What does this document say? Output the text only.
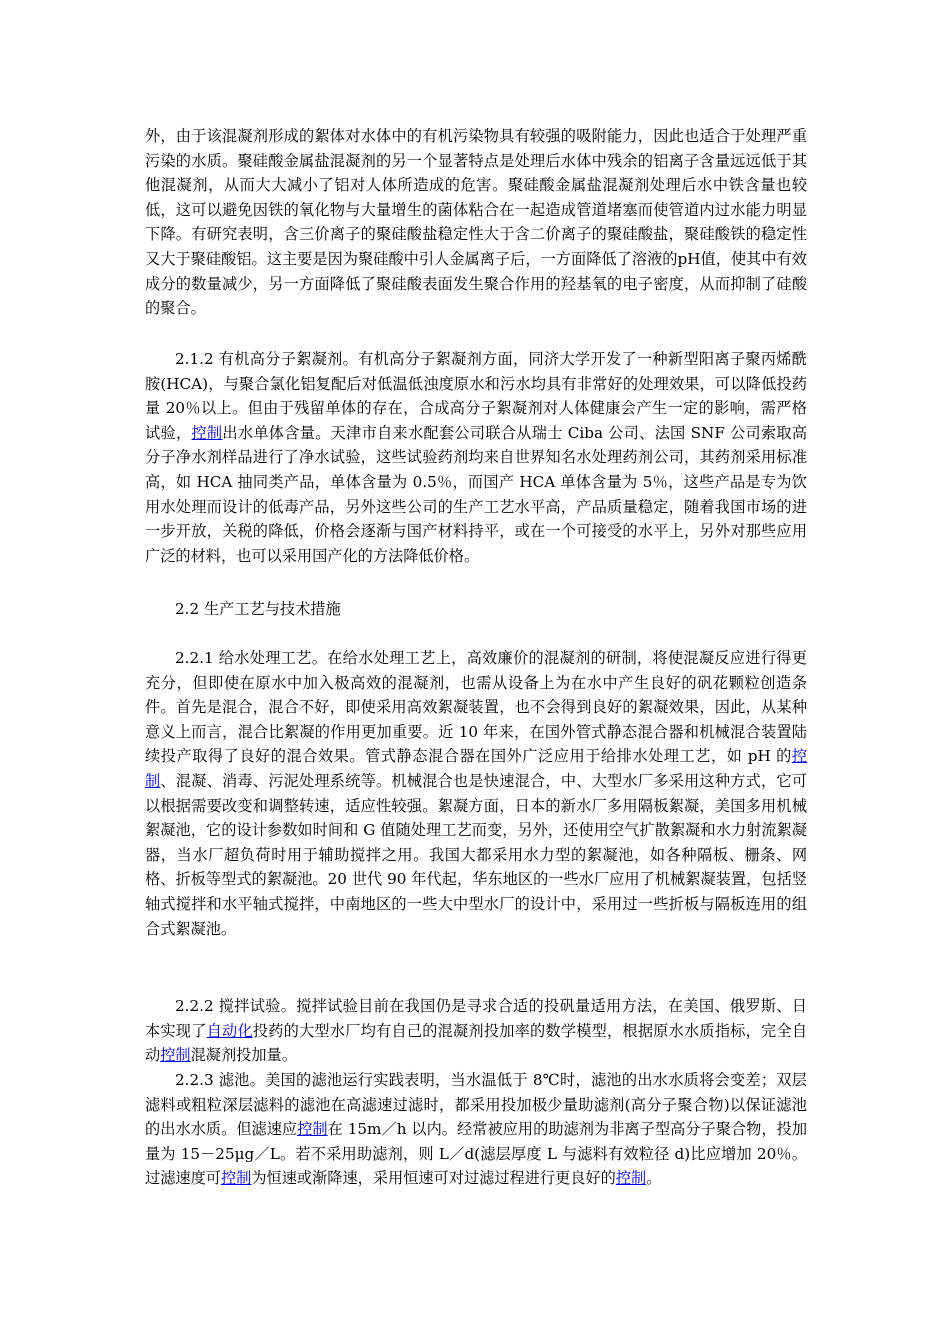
外，由于该混凝剂形成的絮体对水体中的有机污染物具有较强的吸附能力，因此也适合于处理严重污染的水质。聚硅酸金属盐混凝剂的另一个显著特点是处理后水体中残余的铝离子含量远远低于其他混凝剂，从而大大减小了铝对人体所造成的危害。聚硅酸金属盐混凝剂处理后水中铁含量也较低，这可以避免因铁的氧化物与大量增生的菌体粘合在一起造成管道堵塞而使管道内过水能力明显下降。有研究表明，含三价离子的聚硅酸盐稳定性大于含二价离子的聚硅酸盐，聚硅酸铁的稳定性又大于聚硅酸铝。这主要是因为聚硅酸中引人金属离子后，一方面降低了溶液的pH值，使其中有效成分的数量减少，另一方面降低了聚硅酸表面发生聚合作用的羟基氧的电子密度，从而抑制了硅酸的聚合。

2.1.2 有机高分子絮凝剂。有机高分子絮凝剂方面，同济大学开发了一种新型阳离子聚丙烯酰胺(HCA)，与聚合氯化铝复配后对低温低浊度原水和污水均具有非常好的处理效果，可以降低投药量 20％以上。但由于残留单体的存在，合成高分子絮凝剂对人体健康会产生一定的影响，需严格试验，控制出水单体含量。天津市自来水配套公司联合从瑞士 Ciba 公司、法国 SNF 公司索取高分子净水剂样品进行了净水试验，这些试验药剂均来自世界知名水处理药剂公司，其药剂采用标准高，如 HCA 抽同类产品，单体含量为 0.5％，而国产 HCA 单体含量为 5％，这些产品是专为饮用水处理而设计的低毒产品，另外这些公司的生产工艺水平高，产品质量稳定，随着我国市场的进一步开放，关税的降低，价格会逐渐与国产材料持平，或在一个可接受的水平上，另外对那些应用广泛的材料，也可以采用国产化的方法降低价格。

2.2 生产工艺与技术措施

2.2.1 给水处理工艺。在给水处理工艺上，高效廉价的混凝剂的研制，将使混凝反应进行得更充分，但即使在原水中加入极高效的混凝剂，也需从设备上为在水中产生良好的矾花颗粒创造条件。首先是混合，混合不好，即使采用高效絮凝装置，也不会得到良好的絮凝效果，因此，从某种意义上而言，混合比絮凝的作用更加重要。近 10 年来，在国外管式静态混合器和机械混合装置陆续投产取得了良好的混合效果。管式静态混合器在国外广泛应用于给排水处理工艺，如 pH 的控制、混凝、消毒、污泥处理系统等。机械混合也是快速混合，中、大型水厂多采用这种方式，它可以根据需要改变和调整转速，适应性较强。絮凝方面，日本的新水厂多用隔板絮凝，美国多用机械絮凝池，它的设计参数如时间和 G 值随处理工艺而变，另外，还使用空气扩散絮凝和水力射流絮凝器，当水厂超负荷时用于辅助搅拌之用。我国大都采用水力型的絮凝池，如各种隔板、栅条、网格、折板等型式的絮凝池。20 世代 90 年代起，华东地区的一些水厂应用了机械絮凝装置，包括竖轴式搅拌和水平轴式搅拌，中南地区的一些大中型水厂的设计中，采用过一些折板与隔板连用的组合式絮凝池。

2.2.2 搅拌试验。搅拌试验目前在我国仍是寻求合适的投矾量适用方法，在美国、俄罗斯、日本实现了自动化投药的大型水厂均有自己的混凝剂投加率的数学模型，根据原水水质指标，完全自动控制混凝剂投加量。

2.2.3 滤池。美国的滤池运行实践表明，当水温低于 8℃时，滤池的出水水质将会变差；双层滤料或粗粒深层滤料的滤池在高滤速过滤时，都采用投加极少量助滤剂(高分子聚合物)以保证滤池的出水水质。但滤速应控制在 15m／h 以内。经常被应用的助滤剂为非离子型高分子聚合物，投加量为 15－25μg／L。若不采用助滤剂，则 L／d(滤层厚度 L 与滤料有效粒径 d)比应增加 20％。过滤速度可控制为恒速或渐降速，采用恒速可对过滤过程进行更良好的控制。
